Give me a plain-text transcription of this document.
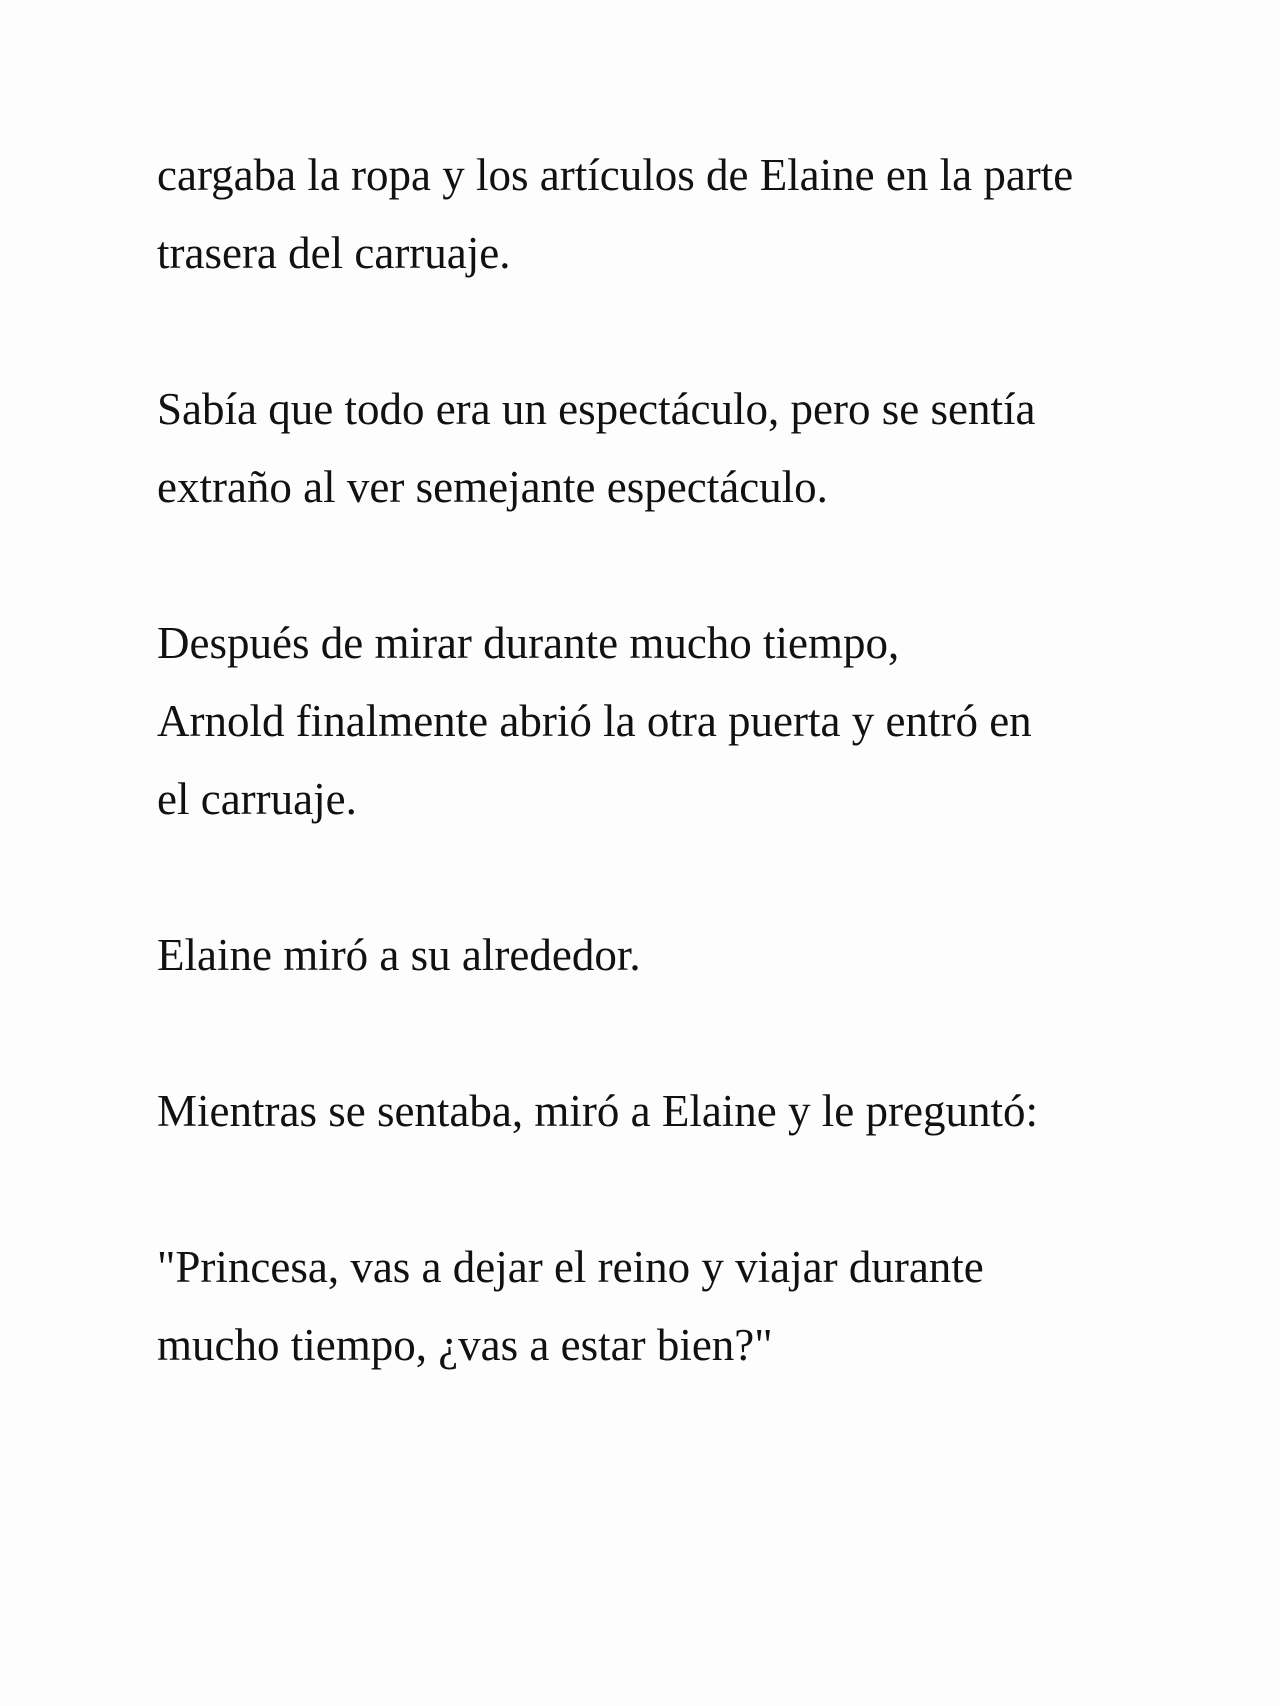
cargaba la ropa y los artículos de Elaine en la parte
trasera del carruaje.

Sabía que todo era un espectáculo, pero se sentía
extraño al ver semejante espectáculo.

Después de mirar durante mucho tiempo,
Arnold finalmente abrió la otra puerta y entró en
el carruaje.

Elaine miró a su alrededor.

Mientras se sentaba, miró a Elaine y le preguntó:

"Princesa, vas a dejar el reino y viajar durante
mucho tiempo, ¿vas a estar bien?"
